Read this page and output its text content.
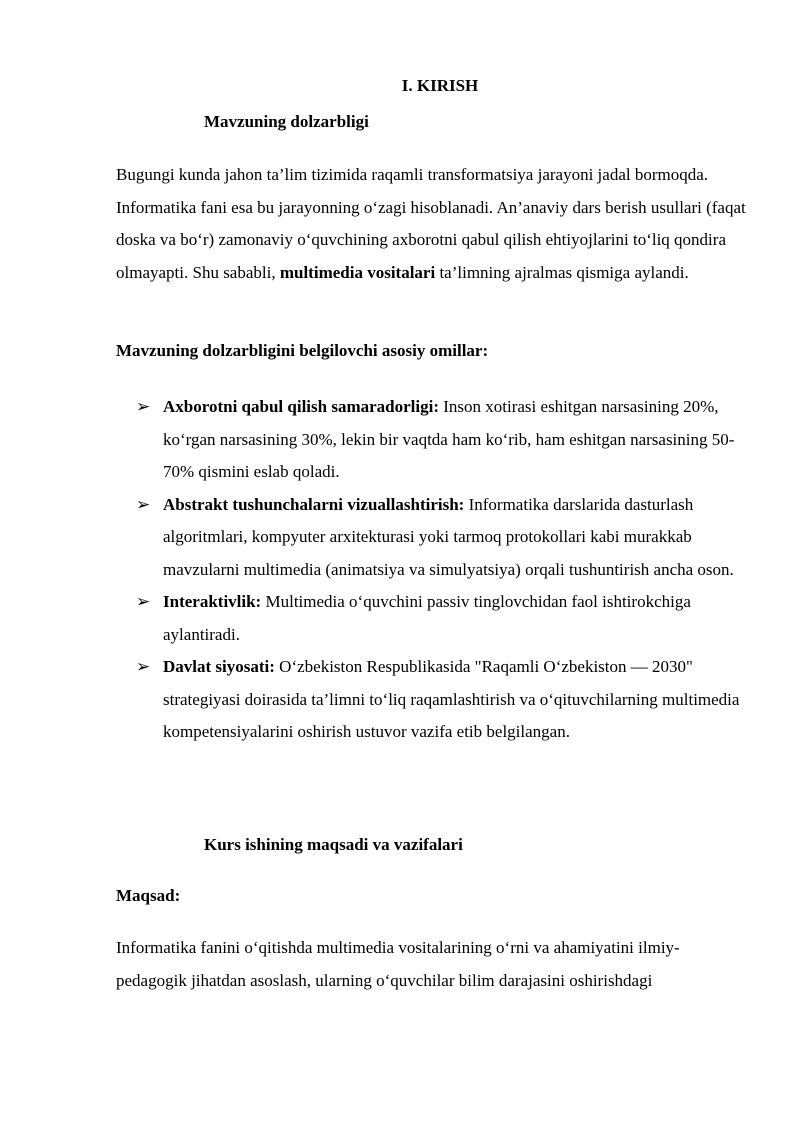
I. KIRISH

Mavzuning dolzarbligi

Bugungi kunda jahon ta’lim tizimida raqamli transformatsiya jarayoni jadal bormoqda. Informatika fani esa bu jarayonning o‘zagi hisoblanadi. An’anaviy dars berish usullari (faqat doska va bo‘r) zamonaviy o‘quvchining axborotni qabul qilish ehtiyojlarini to‘liq qondira olmayapti. Shu sababli, multimedia vositalari ta’limning ajralmas qismiga aylandi.

Mavzuning dolzarbligini belgilovchi asosiy omillar:

➢ Axborotni qabul qilish samaradorligi: Inson xotirasi eshitgan narsasining 20%, ko‘rgan narsasining 30%, lekin bir vaqtda ham ko‘rib, ham eshitgan narsasining 50-70% qismini eslab qoladi.
➢ Abstrakt tushunchalarni vizuallashtirish: Informatika darslarida dasturlash algoritmlari, kompyuter arxitekturasi yoki tarmoq protokollari kabi murakkab mavzularni multimedia (animatsiya va simulyatsiya) orqali tushuntirish ancha oson.
➢ Interaktivlik: Multimedia o‘quvchini passiv tinglovchidan faol ishtirokchiga aylantiradi.
➢ Davlat siyosati: O‘zbekiston Respublikasida "Raqamli O‘zbekiston — 2030" strategiyasi doirasida ta’limni to‘liq raqamlashtirish va o‘qituvchilarning multimedia kompetensiyalarini oshirish ustuvor vazifa etib belgilangan.

Kurs ishining maqsadi va vazifalari

Maqsad:

Informatika fanini o‘qitishda multimedia vositalarining o‘rni va ahamiyatini ilmiy-pedagogik jihatdan asoslash, ularning o‘quvchilar bilim darajasini oshirishdagi
